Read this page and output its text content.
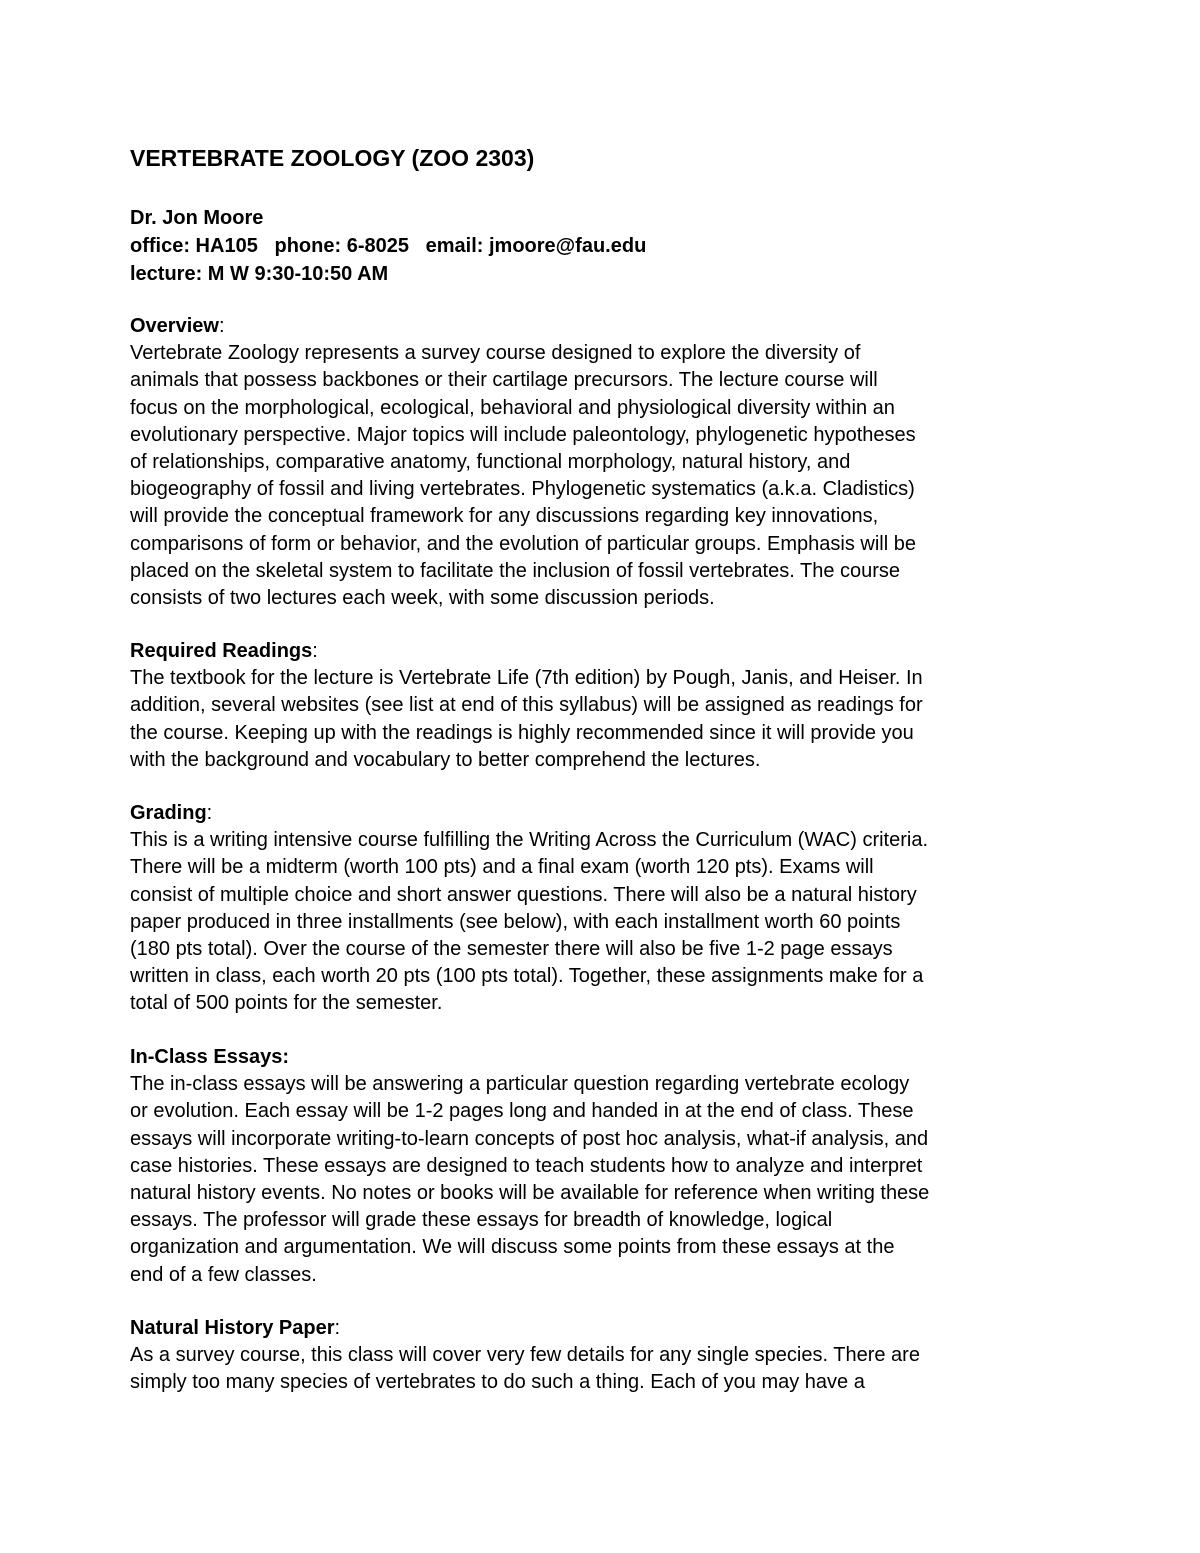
VERTEBRATE ZOOLOGY (ZOO 2303)
Dr. Jon Moore
office: HA105   phone: 6-8025   email: jmoore@fau.edu
lecture: M W 9:30-10:50 AM
Overview:
Vertebrate Zoology represents a survey course designed to explore the diversity of
animals that possess backbones or their cartilage precursors. The lecture course will
focus on the morphological, ecological, behavioral and physiological diversity within an
evolutionary perspective. Major topics will include paleontology, phylogenetic hypotheses
of relationships, comparative anatomy, functional morphology, natural history, and
biogeography of fossil and living vertebrates. Phylogenetic systematics (a.k.a. Cladistics)
will provide the conceptual framework for any discussions regarding key innovations,
comparisons of form or behavior, and the evolution of particular groups. Emphasis will be
placed on the skeletal system to facilitate the inclusion of fossil vertebrates. The course
consists of two lectures each week, with some discussion periods.
Required Readings:
The textbook for the lecture is Vertebrate Life (7th edition) by Pough, Janis, and Heiser. In
addition, several websites (see list at end of this syllabus) will be assigned as readings for
the course. Keeping up with the readings is highly recommended since it will provide you
with the background and vocabulary to better comprehend the lectures.
Grading:
This is a writing intensive course fulfilling the Writing Across the Curriculum (WAC) criteria.
There will be a midterm (worth 100 pts) and a final exam (worth 120 pts). Exams will
consist of multiple choice and short answer questions. There will also be a natural history
paper produced in three installments (see below), with each installment worth 60 points
(180 pts total). Over the course of the semester there will also be five 1-2 page essays
written in class, each worth 20 pts (100 pts total). Together, these assignments make for a
total of 500 points for the semester.
In-Class Essays:
The in-class essays will be answering a particular question regarding vertebrate ecology
or evolution. Each essay will be 1-2 pages long and handed in at the end of class. These
essays will incorporate writing-to-learn concepts of post hoc analysis, what-if analysis, and
case histories. These essays are designed to teach students how to analyze and interpret
natural history events. No notes or books will be available for reference when writing these
essays. The professor will grade these essays for breadth of knowledge, logical
organization and argumentation. We will discuss some points from these essays at the
end of a few classes.
Natural History Paper:
As a survey course, this class will cover very few details for any single species. There are
simply too many species of vertebrates to do such a thing. Each of you may have a
